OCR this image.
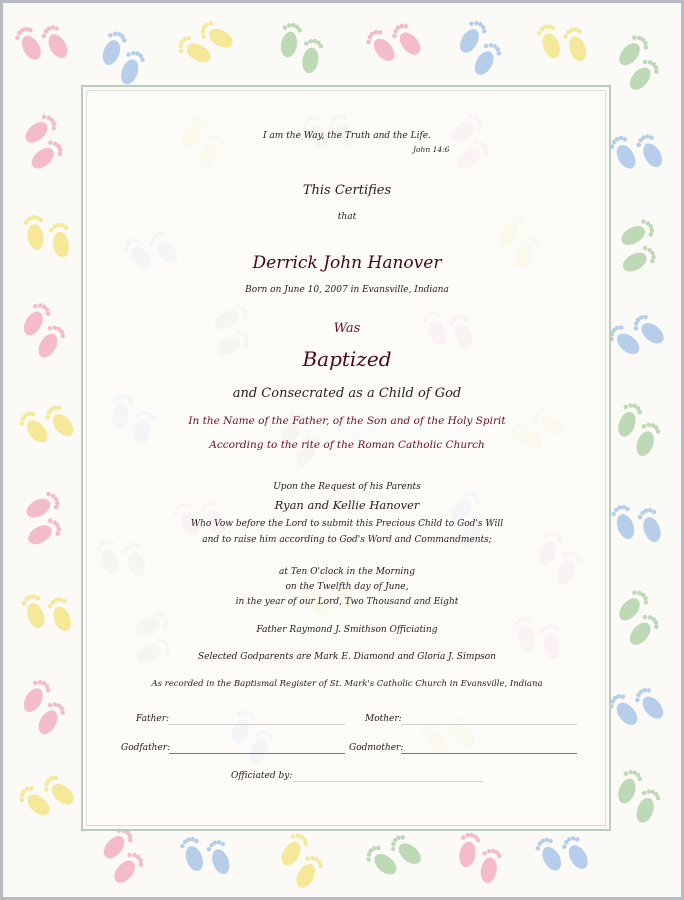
I am the Way, the Truth and the Life.
John 14:6
This Certifies
that
Derrick John Hanover
Born on June 10, 2007 in Evansville, Indiana
Was
Baptized
and Consecrated as a Child of God
In the Name of the Father, of the Son and of the Holy Spirit
According to the rite of the Roman Catholic Church
Upon the Request of his Parents
Ryan and Kellie Hanover
Who Vow before the Lord to submit this Precious Child to God's Will
and to raise him according to God's Word and Commandments;
at Ten O'clock in the Morning
on the Twelfth day of June,
in the year of our Lord, Two Thousand and Eight
Father Raymond J. Smithson Officiating
Selected Godparents are Mark E. Diamond and Gloria J. Simpson
As recorded in the Baptismal Register of St. Mark's Catholic Church in Evansville, Indiana
Father:	Mother:
Godfather:	Godmother:
Officiated by:
